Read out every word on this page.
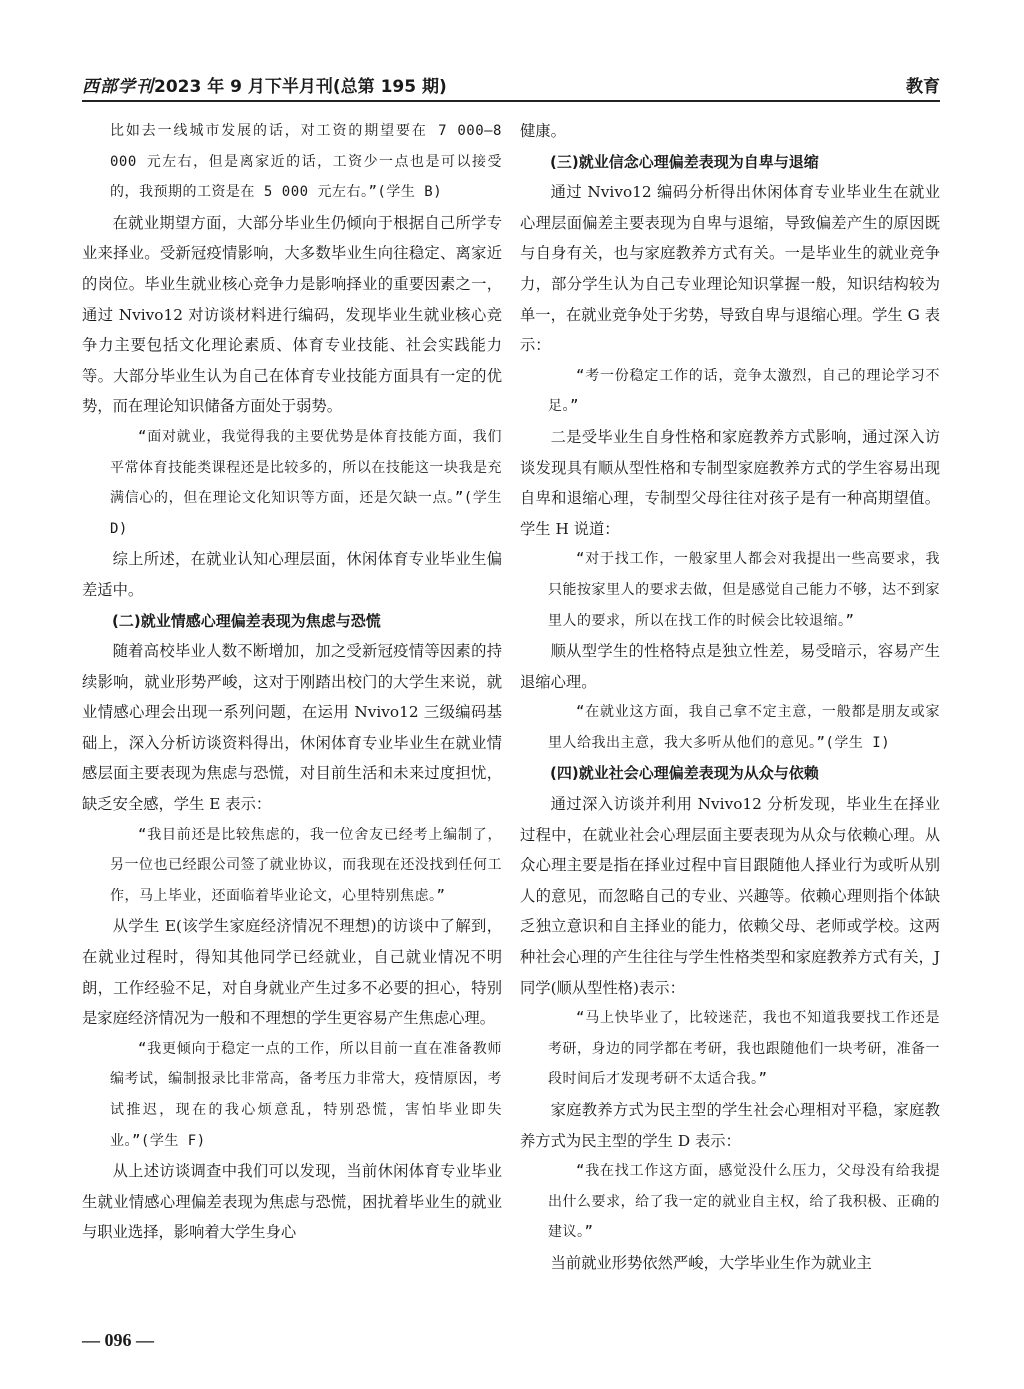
西部学刊2023 年 9 月下半月刊(总第 195 期)	教育

比如去一线城市发展的话，对工资的期望要在 7 000—8 000 元左右，但是离家近的话，工资少一点也是可以接受的，我预期的工资是在 5 000 元左右。”(学生 B)

在就业期望方面，大部分毕业生仍倾向于根据自己所学专业来择业。受新冠疫情影响，大多数毕业生向往稳定、离家近的岗位。毕业生就业核心竞争力是影响择业的重要因素之一，通过 Nvivo12 对访谈材料进行编码，发现毕业生就业核心竞争力主要包括文化理论素质、体育专业技能、社会实践能力等。大部分毕业生认为自己在体育专业技能方面具有一定的优势，而在理论知识储备方面处于弱势。

“面对就业，我觉得我的主要优势是体育技能方面，我们平常体育技能类课程还是比较多的，所以在技能这一块我是充满信心的，但在理论文化知识等方面，还是欠缺一点。”(学生 D)

综上所述，在就业认知心理层面，休闲体育专业毕业生偏差适中。

(二)就业情感心理偏差表现为焦虑与恐慌

随着高校毕业人数不断增加，加之受新冠疫情等因素的持续影响，就业形势严峻，这对于刚踏出校门的大学生来说，就业情感心理会出现一系列问题，在运用 Nvivo12 三级编码基础上，深入分析访谈资料得出，休闲体育专业毕业生在就业情感层面主要表现为焦虑与恐慌，对目前生活和未来过度担忧，缺乏安全感，学生 E 表示：

“我目前还是比较焦虑的，我一位舍友已经考上编制了，另一位也已经跟公司签了就业协议，而我现在还没找到任何工作，马上毕业，还面临着毕业论文，心里特别焦虑。”

从学生 E(该学生家庭经济情况不理想)的访谈中了解到，在就业过程时，得知其他同学已经就业，自己就业情况不明朗，工作经验不足，对自身就业产生过多不必要的担心，特别是家庭经济情况为一般和不理想的学生更容易产生焦虑心理。

“我更倾向于稳定一点的工作，所以目前一直在准备教师编考试，编制报录比非常高，备考压力非常大，疫情原因，考试推迟，现在的我心烦意乱，特别恐慌，害怕毕业即失业。”(学生 F)

从上述访谈调查中我们可以发现，当前休闲体育专业毕业生就业情感心理偏差表现为焦虑与恐慌，困扰着毕业生的就业与职业选择，影响着大学生身心

健康。

(三)就业信念心理偏差表现为自卑与退缩

通过 Nvivo12 编码分析得出休闲体育专业毕业生在就业心理层面偏差主要表现为自卑与退缩，导致偏差产生的原因既与自身有关，也与家庭教养方式有关。一是毕业生的就业竞争力，部分学生认为自己专业理论知识掌握一般，知识结构较为单一，在就业竞争处于劣势，导致自卑与退缩心理。学生 G 表示：

“考一份稳定工作的话，竞争太激烈，自己的理论学习不足。”

二是受毕业生自身性格和家庭教养方式影响，通过深入访谈发现具有顺从型性格和专制型家庭教养方式的学生容易出现自卑和退缩心理，专制型父母往往对孩子是有一种高期望值。学生 H 说道：

“对于找工作，一般家里人都会对我提出一些高要求，我只能按家里人的要求去做，但是感觉自己能力不够，达不到家里人的要求，所以在找工作的时候会比较退缩。”

顺从型学生的性格特点是独立性差，易受暗示，容易产生退缩心理。

“在就业这方面，我自己拿不定主意，一般都是朋友或家里人给我出主意，我大多听从他们的意见。”(学生 I)

(四)就业社会心理偏差表现为从众与依赖

通过深入访谈并利用 Nvivo12 分析发现，毕业生在择业过程中，在就业社会心理层面主要表现为从众与依赖心理。从众心理主要是指在择业过程中盲目跟随他人择业行为或听从别人的意见，而忽略自己的专业、兴趣等。依赖心理则指个体缺乏独立意识和自主择业的能力，依赖父母、老师或学校。这两种社会心理的产生往往与学生性格类型和家庭教养方式有关，J 同学(顺从型性格)表示：

“马上快毕业了，比较迷茫，我也不知道我要找工作还是考研，身边的同学都在考研，我也跟随他们一块考研，准备一段时间后才发现考研不太适合我。”

家庭教养方式为民主型的学生社会心理相对平稳，家庭教养方式为民主型的学生 D 表示：

“我在找工作这方面，感觉没什么压力，父母没有给我提出什么要求，给了我一定的就业自主权，给了我积极、正确的建议。”

当前就业形势依然严峻，大学毕业生作为就业主

— 096 —
